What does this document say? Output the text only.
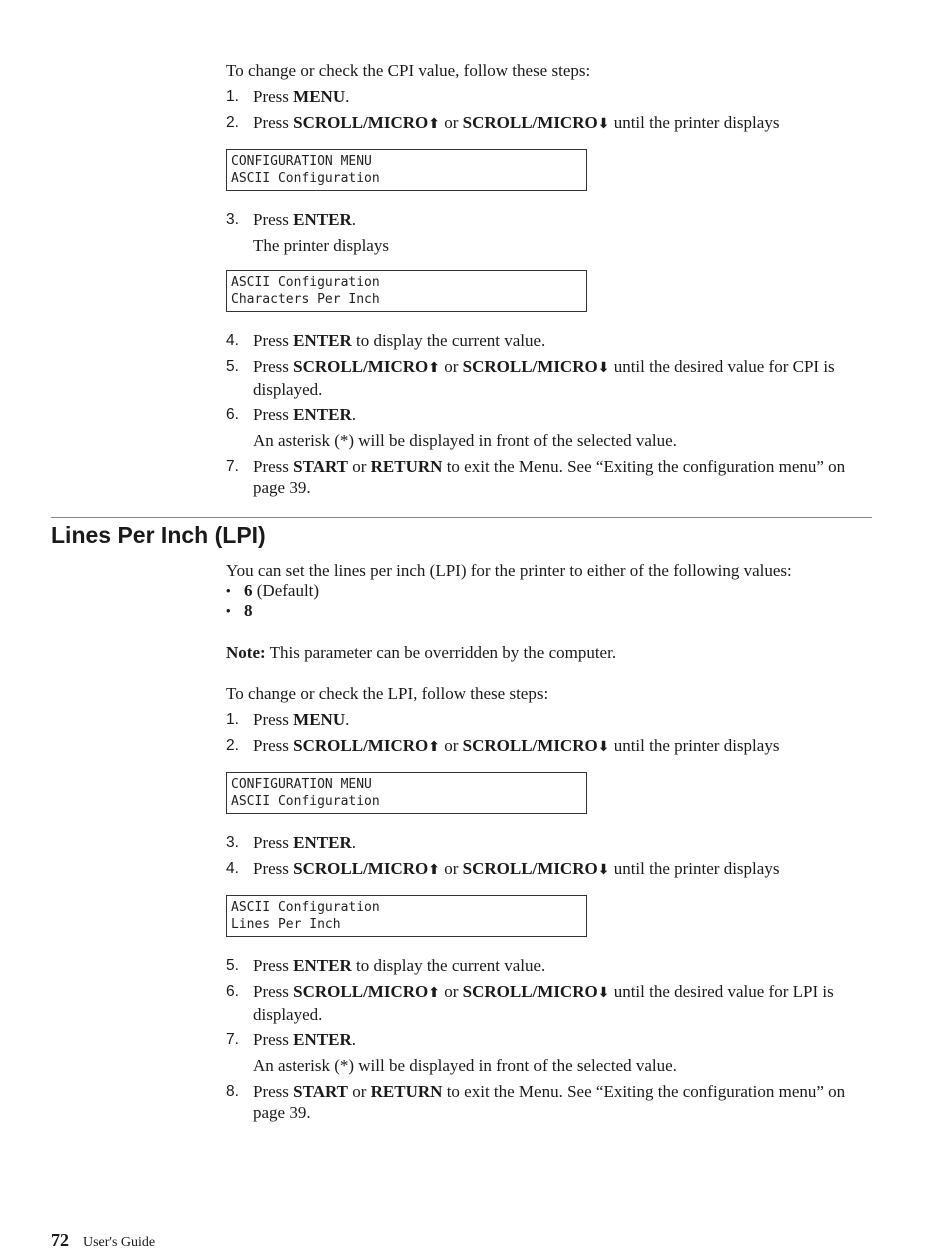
To change or check the CPI value, follow these steps:

1. Press MENU.
2. Press SCROLL/MICRO⬆ or SCROLL/MICRO⬇ until the printer displays
CONFIGURATION MENU
ASCII Configuration
3. Press ENTER.
The printer displays
ASCII Configuration
Characters Per Inch
4. Press ENTER to display the current value.
5. Press SCROLL/MICRO⬆ or SCROLL/MICRO⬇ until the desired value for CPI is displayed.
6. Press ENTER.
An asterisk (*) will be displayed in front of the selected value.
7. Press START or RETURN to exit the Menu. See “Exiting the configuration menu” on page 39.
Lines Per Inch (LPI)

You can set the lines per inch (LPI) for the printer to either of the following values:

• 6 (Default)
• 8

Note: This parameter can be overridden by the computer.

To change or check the LPI, follow these steps:

1. Press MENU.
2. Press SCROLL/MICRO⬆ or SCROLL/MICRO⬇ until the printer displays
CONFIGURATION MENU
ASCII Configuration
3. Press ENTER.
4. Press SCROLL/MICRO⬆ or SCROLL/MICRO⬇ until the printer displays
ASCII Configuration
Lines Per Inch
5. Press ENTER to display the current value.
6. Press SCROLL/MICRO⬆ or SCROLL/MICRO⬇ until the desired value for LPI is displayed.
7. Press ENTER.
An asterisk (*) will be displayed in front of the selected value.
8. Press START or RETURN to exit the Menu. See “Exiting the configuration menu” on page 39.
72 User's Guide
